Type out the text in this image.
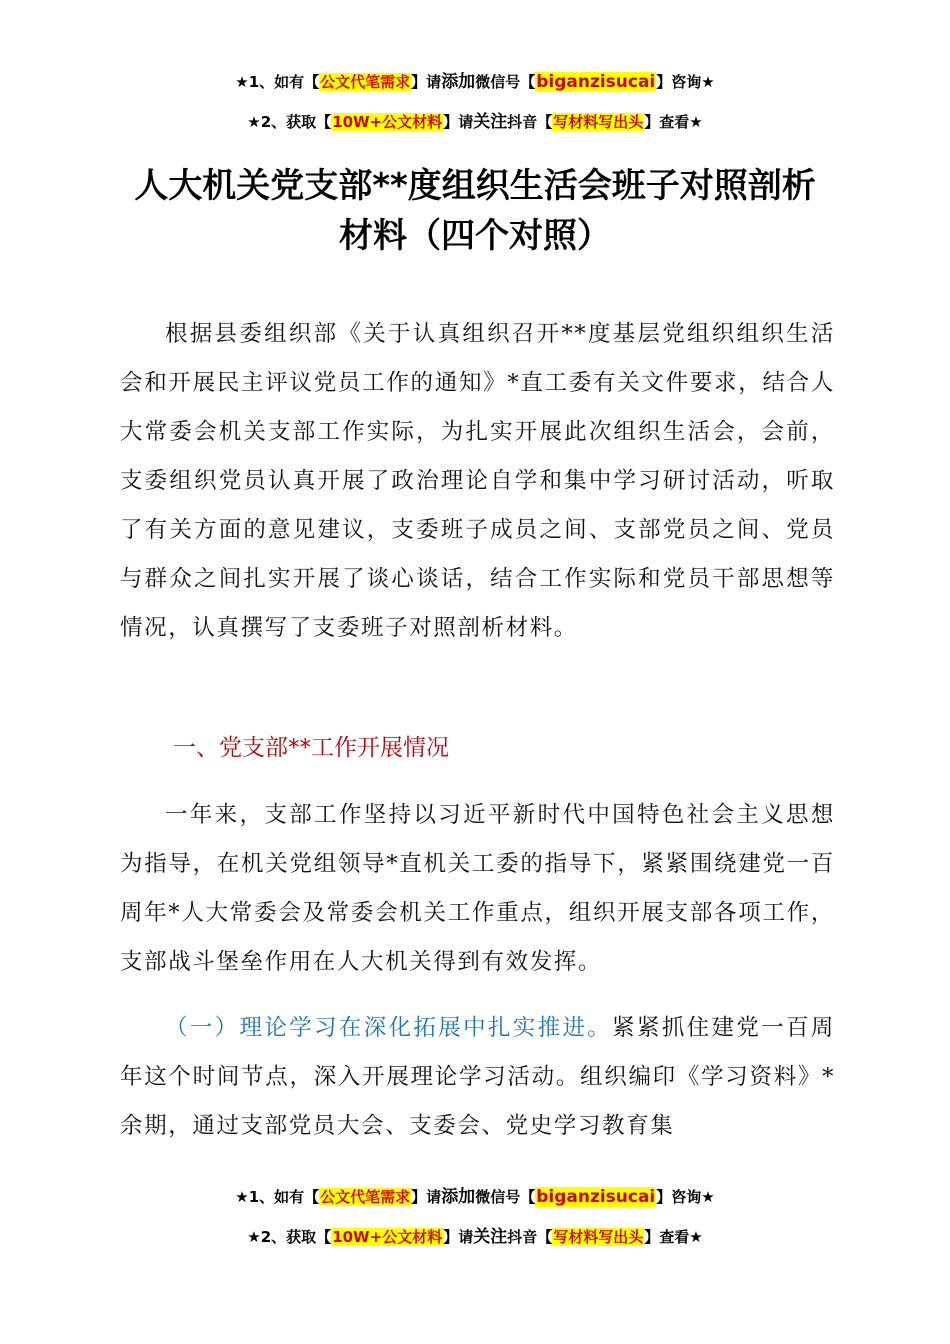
★1、如有【公文代笔需求】请添加微信号【biganzisucai】咨询★
★2、获取【10W+公文材料】请关注抖音【写材料写出头】查看★
人大机关党支部**度组织生活会班子对照剖析
材料（四个对照）

根据县委组织部《关于认真组织召开**度基层党组织组织生活会和开展民主评议党员工作的通知》*直工委有关文件要求，结合人大常委会机关支部工作实际，为扎实开展此次组织生活会，会前，支委组织党员认真开展了政治理论自学和集中学习研讨活动，听取了有关方面的意见建议，支委班子成员之间、支部党员之间、党员与群众之间扎实开展了谈心谈话，结合工作实际和党员干部思想等情况，认真撰写了支委班子对照剖析材料。

一、党支部**工作开展情况

一年来，支部工作坚持以习近平新时代中国特色社会主义思想为指导，在机关党组领导*直机关工委的指导下，紧紧围绕建党一百周年*人大常委会及常委会机关工作重点，组织开展支部各项工作，支部战斗堡垒作用在人大机关得到有效发挥。

（一）理论学习在深化拓展中扎实推进。紧紧抓住建党一百周年这个时间节点，深入开展理论学习活动。组织编印《学习资料》*余期，通过支部党员大会、支委会、党史学习教育集

★1、如有【公文代笔需求】请添加微信号【biganzisucai】咨询★
★2、获取【10W+公文材料】请关注抖音【写材料写出头】查看★
